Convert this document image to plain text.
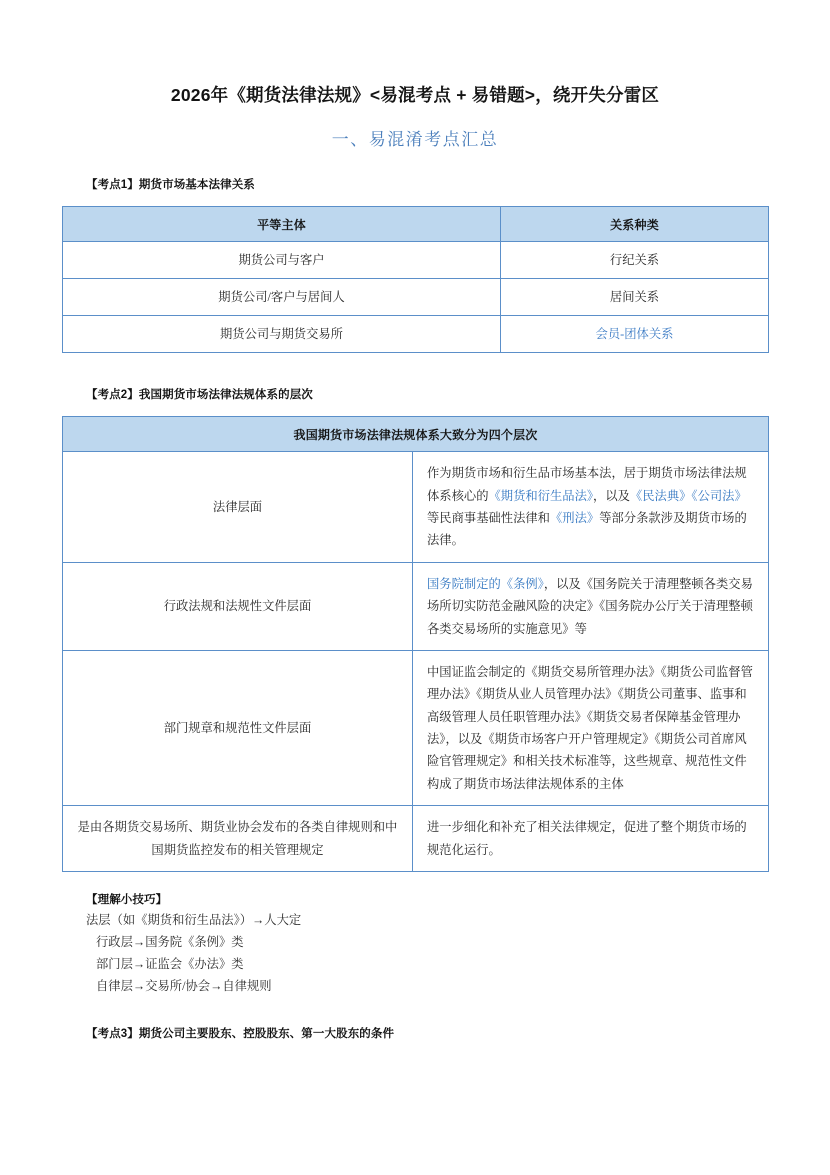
2026年《期货法律法规》<易混考点 + 易错题>，绕开失分雷区
一、易混淆考点汇总

【考点1】期货市场基本法律关系

平等主体	关系种类
期货公司与客户	行纪关系
期货公司/客户与居间人	居间关系
期货公司与期货交易所	会员-团体关系

【考点2】我国期货市场法律法规体系的层次

我国期货市场法律法规体系大致分为四个层次	
法律层面	作为期货市场和衍生品市场基本法，居于期货市场法律法规体系核心的《期货和衍生品法》，以及《民法典》《公司法》等民商事基础性法律和《刑法》等部分条款涉及期货市场的法律。

行政法规和法规性文件层面	国务院制定的《条例》，以及《国务院关于清理整顿各类交易场所切实防范金融风险的决定》《国务院办公厅关于清理整顿各类交易场所的实施意见》等

部门规章和规范性文件层面	中国证监会制定的《期货交易所管理办法》《期货公司监督管理办法》《期货从业人员管理办法》《期货公司董事、监事和高级管理人员任职管理办法》《期货交易者保障基金管理办法》，以及《期货市场客户开户管理规定》《期货公司首席风险官管理规定》和相关技术标准等，这些规章、规范性文件构成了期货市场法律法规体系的主体

是由各期货交易场所、期货业协会发布的各类自律规则和中国期货监控发布的相关管理规定	进一步细化和补充了相关法律规定，促进了整个期货市场的规范化运行。

【理解小技巧】
法层（如《期货和衍生品法》）→人大定
行政层→国务院《条例》类
部门层→证监会《办法》类
自律层→交易所/协会→自律规则

【考点3】期货公司主要股东、控股股东、第一大股东的条件
